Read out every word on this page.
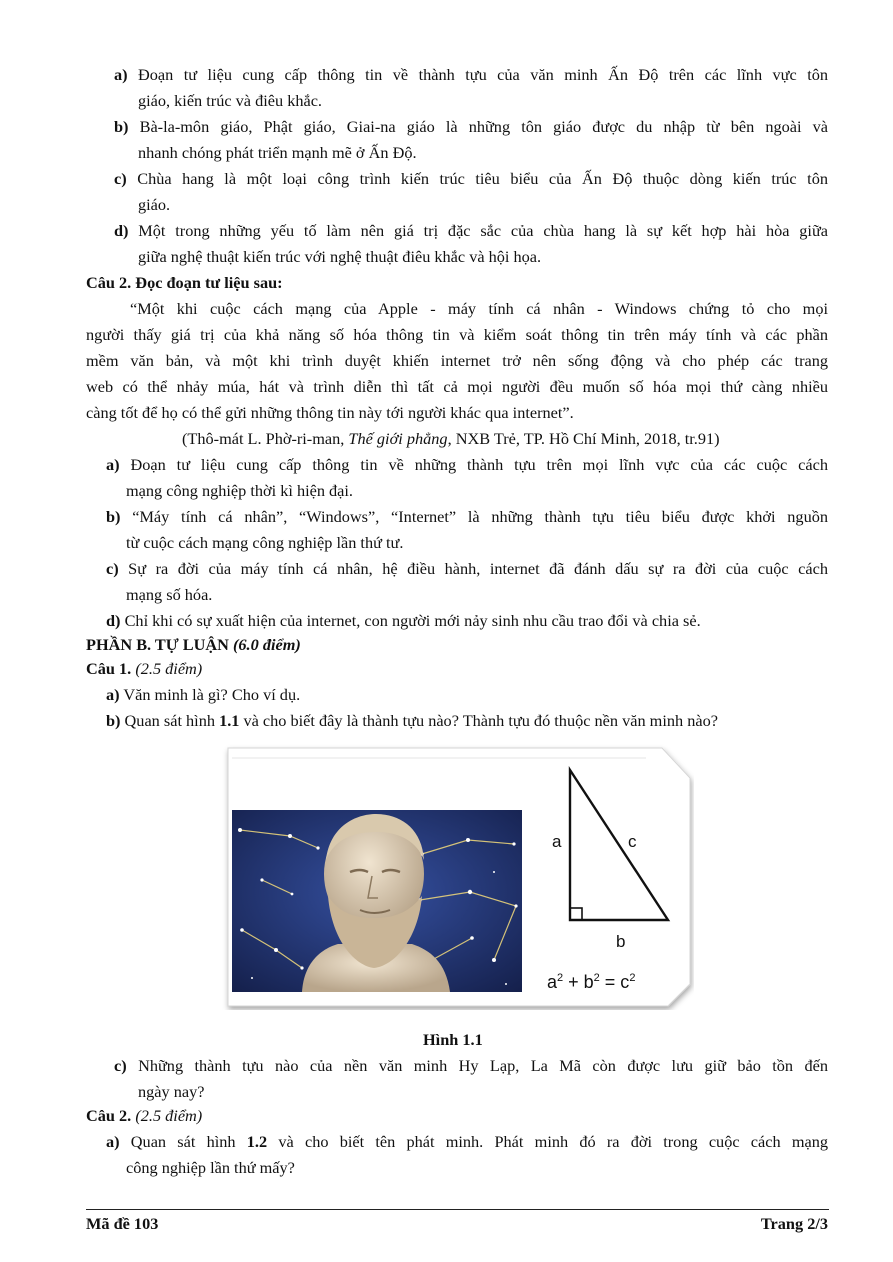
a) Đoạn tư liệu cung cấp thông tin về thành tựu của văn minh Ấn Độ trên các lĩnh vực tôn
giáo, kiến trúc và điêu khắc.
b) Bà-la-môn giáo, Phật giáo, Giai-na giáo là những tôn giáo được du nhập từ bên ngoài và
nhanh chóng phát triển mạnh mẽ ở Ấn Độ.
c) Chùa hang là một loại công trình kiến trúc tiêu biểu của Ấn Độ thuộc dòng kiến trúc tôn
giáo.
d) Một trong những yếu tố làm nên giá trị đặc sắc của chùa hang là sự kết hợp hài hòa giữa
giữa nghệ thuật kiến trúc với nghệ thuật điêu khắc và hội họa.
Câu 2. Đọc đoạn tư liệu sau:
“Một khi cuộc cách mạng của Apple - máy tính cá nhân - Windows chứng tỏ cho mọi
người thấy giá trị của khả năng số hóa thông tin và kiểm soát thông tin trên máy tính và các phần
mềm văn bản, và một khi trình duyệt khiến internet trở nên sống động và cho phép các trang
web có thể nhảy múa, hát và trình diễn thì tất cả mọi người đều muốn số hóa mọi thứ càng nhiều
càng tốt để họ có thể gửi những thông tin này tới người khác qua internet”.
(Thô-mát L. Phờ-ri-man, Thế giới phẳng, NXB Trẻ, TP. Hồ Chí Minh, 2018, tr.91)
a) Đoạn tư liệu cung cấp thông tin về những thành tựu trên mọi lĩnh vực của các cuộc cách
mạng công nghiệp thời kì hiện đại.
b) “Máy tính cá nhân”, “Windows”, “Internet” là những thành tựu tiêu biểu được khởi nguồn
từ cuộc cách mạng công nghiệp lần thứ tư.
c) Sự ra đời của máy tính cá nhân, hệ điều hành, internet đã đánh dấu sự ra đời của cuộc cách
mạng số hóa.
d) Chỉ khi có sự xuất hiện của internet, con người mới nảy sinh nhu cầu trao đổi và chia sẻ.
PHẦN B. TỰ LUẬN (6.0 điểm)
Câu 1. (2.5 điểm)
a) Văn minh là gì? Cho ví dụ.
b) Quan sát hình 1.1 và cho biết đây là thành tựu nào? Thành tựu đó thuộc nền văn minh nào?
a	c
b
$a^2 + b^2 = c^2$
Hình 1.1
c) Những thành tựu nào của nền văn minh Hy Lạp, La Mã còn được lưu giữ bảo tồn đến
ngày nay?
Câu 2. (2.5 điểm)
a) Quan sát hình 1.2 và cho biết tên phát minh. Phát minh đó ra đời trong cuộc cách mạng
công nghiệp lần thứ mấy?
Mã đề 103	Trang 2/3
